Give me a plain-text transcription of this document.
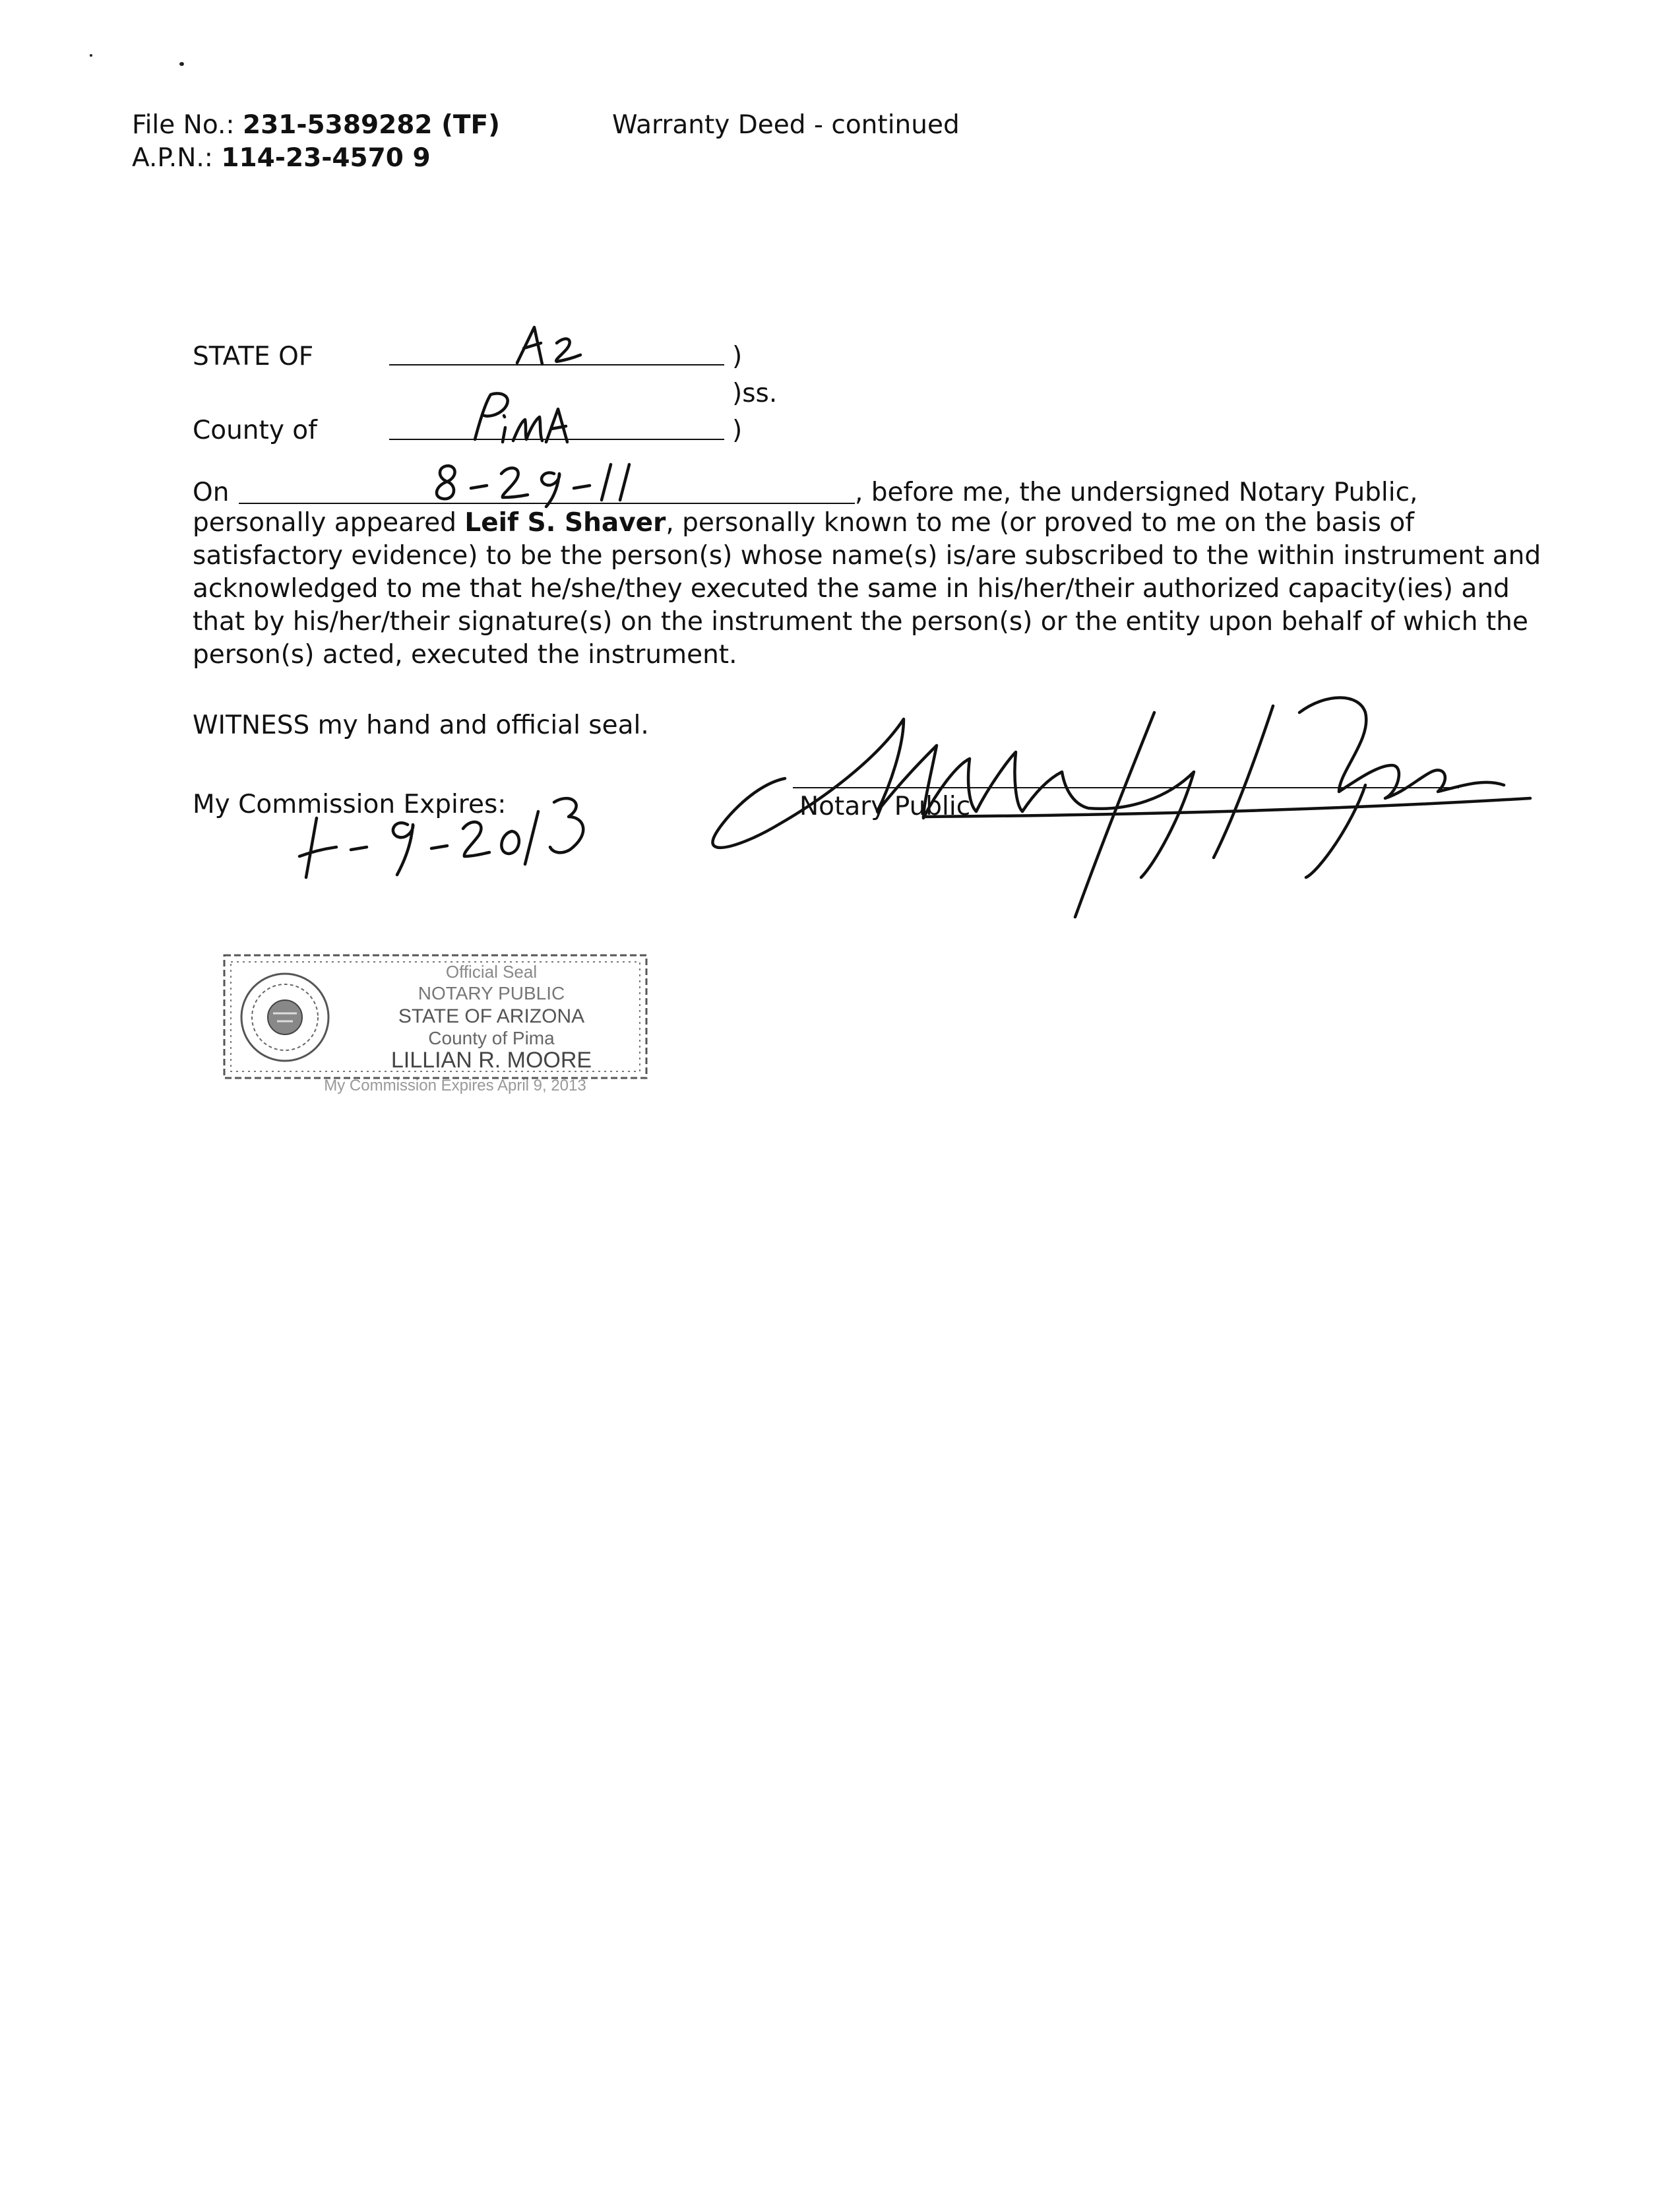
File No.: 231-5389282 (TF)
A.P.N.: 114-23-4570 9
Warranty Deed - continued
STATE OF	)
)ss.
County of	)
On	, before me, the undersigned Notary Public,

personally appeared Leif S. Shaver, personally known to me (or proved to me on the basis of

satisfactory evidence) to be the person(s) whose name(s) is/are subscribed to the within instrument and

acknowledged to me that he/she/they executed the same in his/her/their authorized capacity(ies) and

that by his/her/their signature(s) on the instrument the person(s) or the entity upon behalf of which the

person(s) acted, executed the instrument.

WITNESS my hand and official seal.
My Commission Expires:	Notary Public
Official Seal
NOTARY PUBLIC
STATE OF ARIZONA
County of Pima
LILLIAN R. MOORE
My Commission Expires April 9, 2013
